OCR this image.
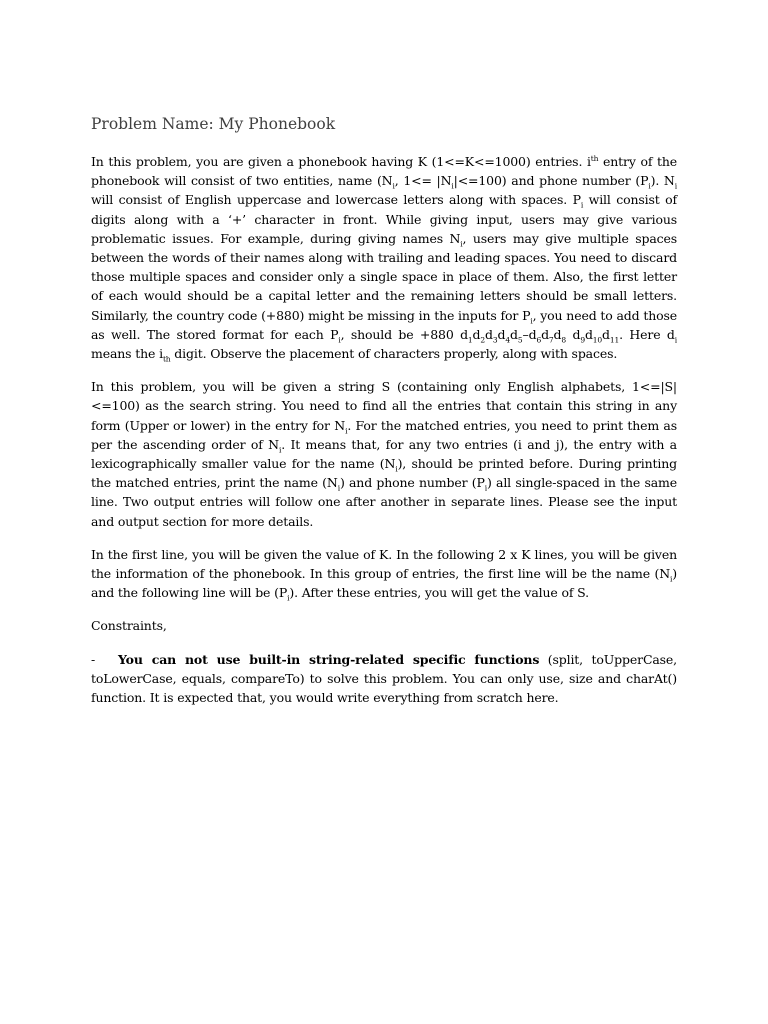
Problem Name: My Phonebook

In this problem, you are given a phonebook having K (1<=K<=1000) entries. $i^{th}$ entry of the phonebook will consist of two entities, name ($N_i$, $1<= |N_i|<=100$) and phone number $(P_i)$. $N_i$ will consist of English uppercase and lowercase letters along with spaces. $P_i$ will consist of digits along with a ‘+’ character in front. While giving input, users may give various problematic issues. For example, during giving names $N_i$, users may give multiple spaces between the words of their names along with trailing and leading spaces. You need to discard those multiple spaces and consider only a single space in place of them. Also, the first letter of each would should be a capital letter and the remaining letters should be small letters. Similarly, the country code (+880) might be missing in the inputs for $P_i$, you need to add those as well. The stored format for each $P_i$, should be +880 $d_1d_2d_3d_4d_5-d_6d_7d_8$ $d_9d_{10}d_{11}$. Here $d_i$ means the $i_{th}$ digit. Observe the placement of characters properly, along with spaces.

In this problem, you will be given a string S (containing only English alphabets, 1<=|S|<=100) as the search string. You need to find all the entries that contain this string in any form (Upper or lower) in the entry for $N_i$. For the matched entries, you need to print them as per the ascending order of $N_i$. It means that, for any two entries (i and j), the entry with a lexicographically smaller value for the name $(N_i)$, should be printed before. During printing the matched entries, print the name $(N_i)$ and phone number $(P_i)$ all single-spaced in the same line. Two output entries will follow one after another in separate lines. Please see the input and output section for more details.

In the first line, you will be given the value of K. In the following 2 x K lines, you will be given the information of the phonebook. In this group of entries, the first line will be the name $(N_i)$ and the following line will be $(P_i)$. After these entries, you will get the value of S.

Constraints,

- You can not use built-in string-related specific functions (split, toUpperCase, toLowerCase, equals, compareTo) to solve this problem. You can only use, size and charAt() function. It is expected that, you would write everything from scratch here.
